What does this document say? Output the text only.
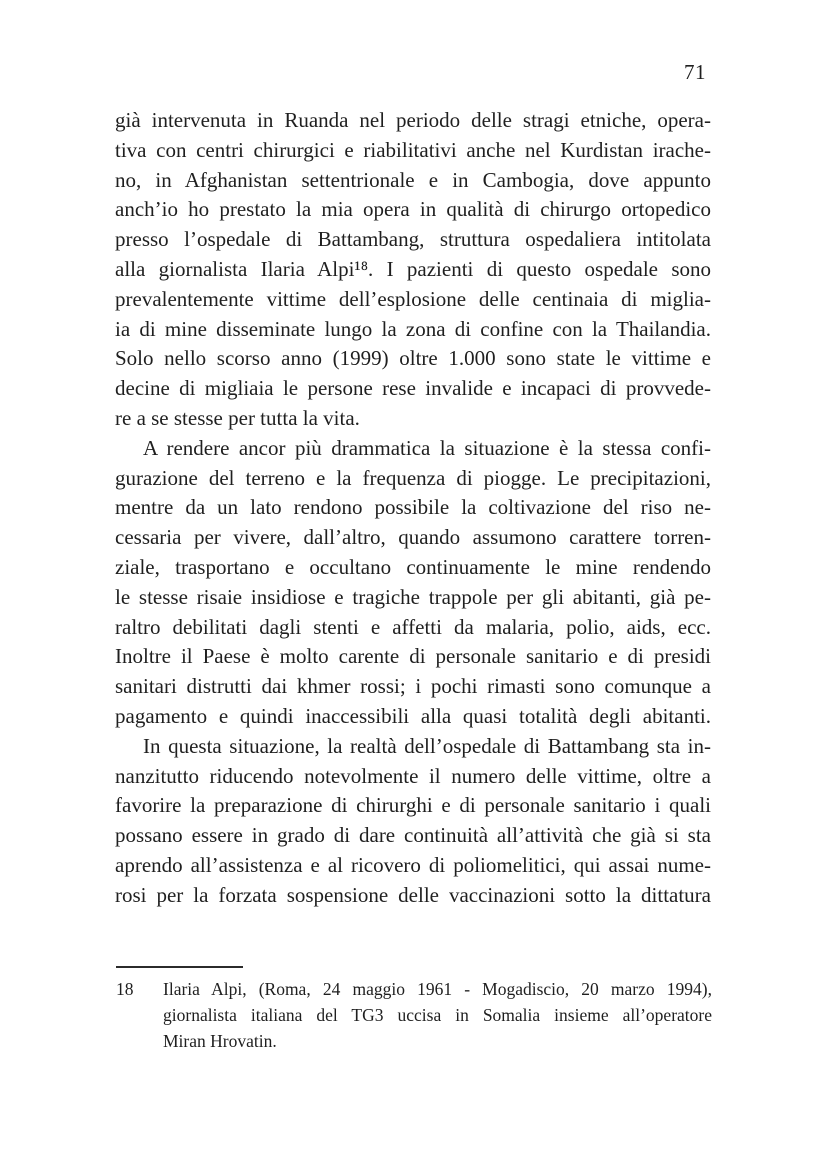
71
già intervenuta in Ruanda nel periodo delle stragi etniche, opera-
tiva con centri chirurgici e riabilitativi anche nel Kurdistan irache-
no, in Afghanistan settentrionale e in Cambogia, dove appunto
anch’io ho prestato la mia opera in qualità di chirurgo ortopedico
presso l’ospedale di Battambang, struttura ospedaliera intitolata
alla giornalista Ilaria Alpi¹⁸. I pazienti di questo ospedale sono
prevalentemente vittime dell’esplosione delle centinaia di miglia-
ia di mine disseminate lungo la zona di confine con la Thailandia.
Solo nello scorso anno (1999) oltre 1.000 sono state le vittime e
decine di migliaia le persone rese invalide e incapaci di provvede-
re a se stesse per tutta la vita.
A rendere ancor più drammatica la situazione è la stessa confi-
gurazione del terreno e la frequenza di piogge. Le precipitazioni,
mentre da un lato rendono possibile la coltivazione del riso ne-
cessaria per vivere, dall’altro, quando assumono carattere torren-
ziale, trasportano e occultano continuamente le mine rendendo
le stesse risaie insidiose e tragiche trappole per gli abitanti, già pe-
raltro debilitati dagli stenti e affetti da malaria, polio, aids, ecc.
Inoltre il Paese è molto carente di personale sanitario e di presidi
sanitari distrutti dai khmer rossi; i pochi rimasti sono comunque a
pagamento e quindi inaccessibili alla quasi totalità degli abitanti.
In questa situazione, la realtà dell’ospedale di Battambang sta in-
nanzitutto riducendo notevolmente il numero delle vittime, oltre a
favorire la preparazione di chirurghi e di personale sanitario i quali
possano essere in grado di dare continuità all’attività che già si sta
aprendo all’assistenza e al ricovero di poliomelitici, qui assai nume-
rosi per la forzata sospensione delle vaccinazioni sotto la dittatura
18	Ilaria Alpi, (Roma, 24 maggio 1961 - Mogadiscio, 20 marzo 1994),
giornalista italiana del TG3 uccisa in Somalia insieme all’operatore
Miran Hrovatin.
